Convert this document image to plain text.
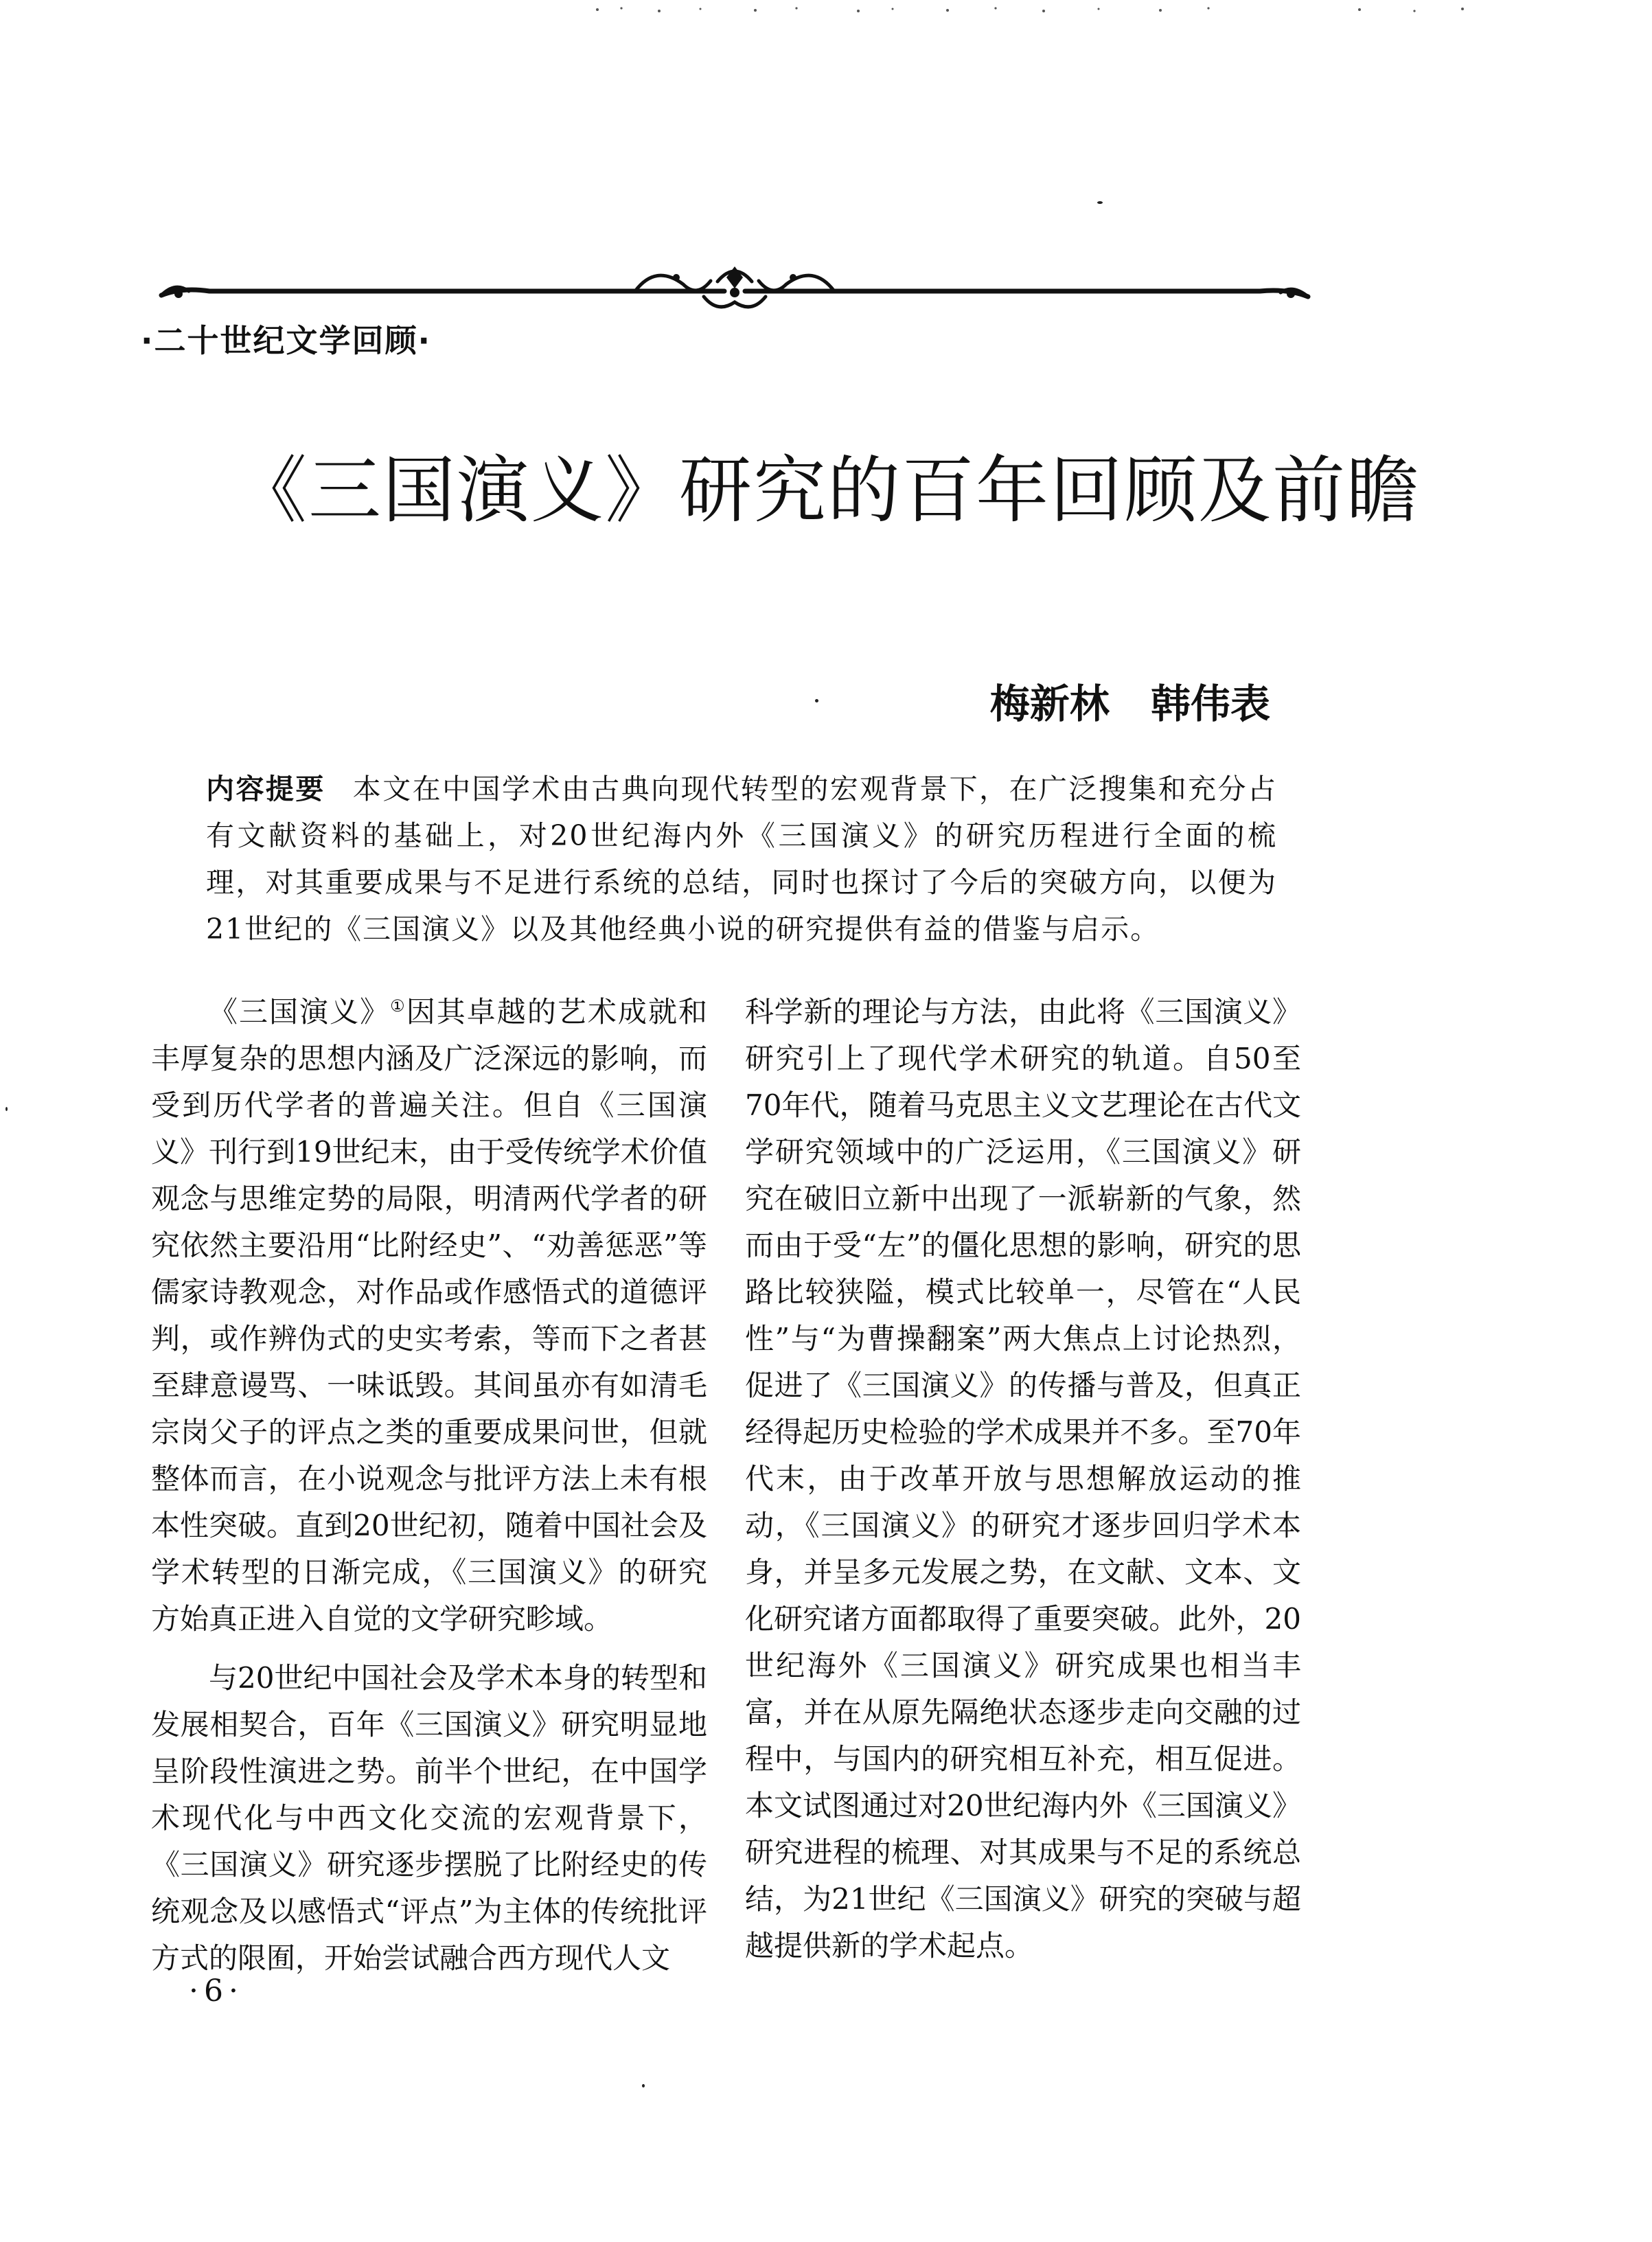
·二十世纪文学回顾·
《三国演义》研究的百年回顾及前瞻
梅新林 韩伟表
内容提要 本文在中国学术由古典向现代转型的宏观背景下，在广泛搜集和充分占有文献资料的基础上，对20世纪海内外《三国演义》的研究历程进行全面的梳理，对其重要成果与不足进行系统的总结，同时也探讨了今后的突破方向，以便为21世纪的《三国演义》以及其他经典小说的研究提供有益的借鉴与启示。

《三国演义》①因其卓越的艺术成就和丰厚复杂的思想内涵及广泛深远的影响，而受到历代学者的普遍关注。但自《三国演义》刊行到19世纪末，由于受传统学术价值观念与思维定势的局限，明清两代学者的研究依然主要沿用“比附经史”、“劝善惩恶”等儒家诗教观念，对作品或作感悟式的道德评判，或作辨伪式的史实考索，等而下之者甚至肆意谩骂、一味诋毁。其间虽亦有如清毛宗岗父子的评点之类的重要成果问世，但就整体而言，在小说观念与批评方法上未有根本性突破。直到20世纪初，随着中国社会及学术转型的日渐完成，《三国演义》的研究方始真正进入自觉的文学研究畛域。

与20世纪中国社会及学术本身的转型和发展相契合，百年《三国演义》研究明显地呈阶段性演进之势。前半个世纪，在中国学术现代化与中西文化交流的宏观背景下，《三国演义》研究逐步摆脱了比附经史的传统观念及以感悟式“评点”为主体的传统批评方式的限囿，开始尝试融合西方现代人文

科学新的理论与方法，由此将《三国演义》研究引上了现代学术研究的轨道。自50至70年代，随着马克思主义文艺理论在古代文学研究领域中的广泛运用，《三国演义》研究在破旧立新中出现了一派崭新的气象，然而由于受“左”的僵化思想的影响，研究的思路比较狭隘，模式比较单一，尽管在“人民性”与“为曹操翻案”两大焦点上讨论热烈，促进了《三国演义》的传播与普及，但真正经得起历史检验的学术成果并不多。至70年代末，由于改革开放与思想解放运动的推动，《三国演义》的研究才逐步回归学术本身，并呈多元发展之势，在文献、文本、文化研究诸方面都取得了重要突破。此外，20世纪海外《三国演义》研究成果也相当丰富，并在从原先隔绝状态逐步走向交融的过程中，与国内的研究相互补充，相互促进。本文试图通过对20世纪海内外《三国演义》研究进程的梳理、对其成果与不足的系统总结，为21世纪《三国演义》研究的突破与超越提供新的学术起点。

·6·
